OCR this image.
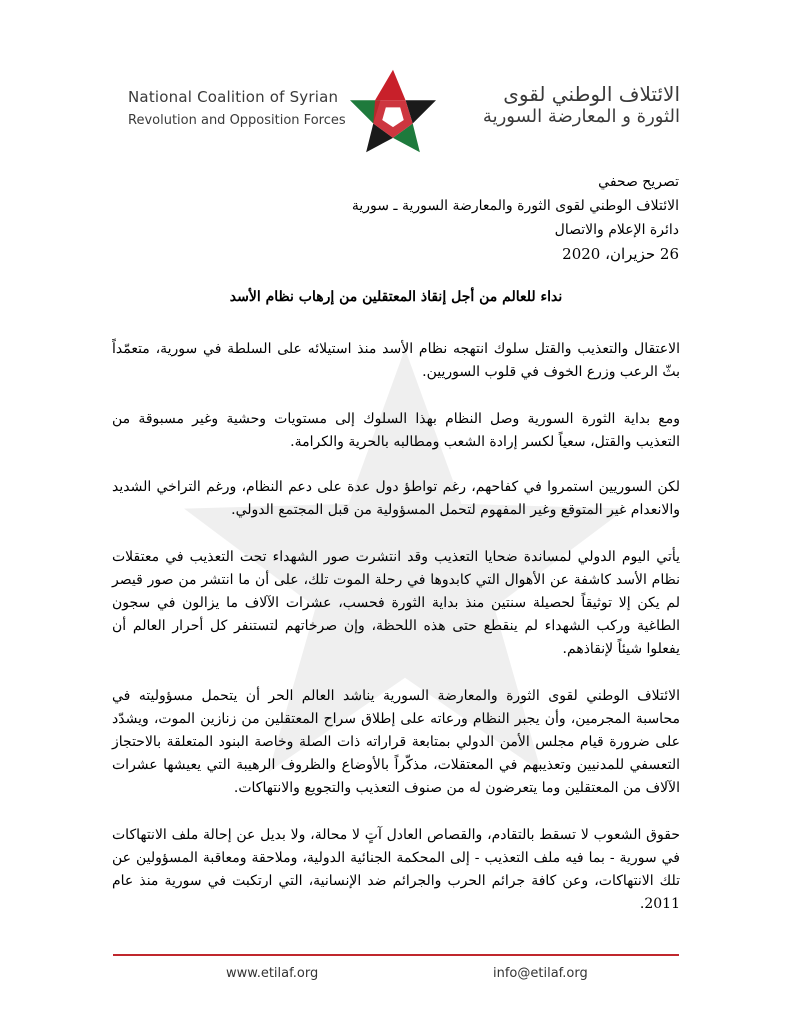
National Coalition of Syrian
Revolution and Opposition Forces
الائتلاف الوطني لقوى
الثورة و المعارضة السورية
تصريح صحفي
الائتلاف الوطني لقوى الثورة والمعارضة السورية ـ سورية
دائرة الإعلام والاتصال
26 حزيران، 2020
نداء للعالم من أجل إنقاذ المعتقلين من إرهاب نظام الأسد

الاعتقال والتعذيب والقتل سلوك انتهجه نظام الأسد منذ استيلائه على السلطة في سورية، متعمّداً بثّ الرعب وزرع الخوف في قلوب السوريين.

ومع بداية الثورة السورية وصل النظام بهذا السلوك إلى مستويات وحشية وغير مسبوقة من التعذيب والقتل، سعياً لكسر إرادة الشعب ومطالبه بالحرية والكرامة.

لكن السوريين استمروا في كفاحهم، رغم تواطؤ دول عدة على دعم النظام، ورغم التراخي الشديد والانعدام غير المتوقع وغير المفهوم لتحمل المسؤولية من قبل المجتمع الدولي.

يأتي اليوم الدولي لمساندة ضحايا التعذيب وقد انتشرت صور الشهداء تحت التعذيب في معتقلات نظام الأسد كاشفة عن الأهوال التي كابدوها في رحلة الموت تلك، على أن ما انتشر من صور قيصر لم يكن إلا توثيقاً لحصيلة سنتين منذ بداية الثورة فحسب، عشرات الآلاف ما يزالون في سجون الطاغية وركب الشهداء لم ينقطع حتى هذه اللحظة، وإن صرخاتهم لتستنفر كل أحرار العالم أن يفعلوا شيئاً لإنقاذهم.

الائتلاف الوطني لقوى الثورة والمعارضة السورية يناشد العالم الحر أن يتحمل مسؤوليته في محاسبة المجرمين، وأن يجبر النظام ورعاته على إطلاق سراح المعتقلين من زنازين الموت، ويشدّد على ضرورة قيام مجلس الأمن الدولي بمتابعة قراراته ذات الصلة وخاصة البنود المتعلقة بالاحتجاز التعسفي للمدنيين وتعذيبهم في المعتقلات، مذكّراً بالأوضاع والظروف الرهيبة التي يعيشها عشرات الآلاف من المعتقلين وما يتعرضون له من صنوف التعذيب والتجويع والانتهاكات.

حقوق الشعوب لا تسقط بالتقادم، والقصاص العادل آتٍ لا محالة، ولا بديل عن إحالة ملف الانتهاكات في سورية - بما فيه ملف التعذيب - إلى المحكمة الجنائية الدولية، وملاحقة ومعاقبة المسؤولين عن تلك الانتهاكات، وعن كافة جرائم الحرب والجرائم ضد الإنسانية، التي ارتكبت في سورية منذ عام 2011.

www.etilaf.org	info@etilaf.org
